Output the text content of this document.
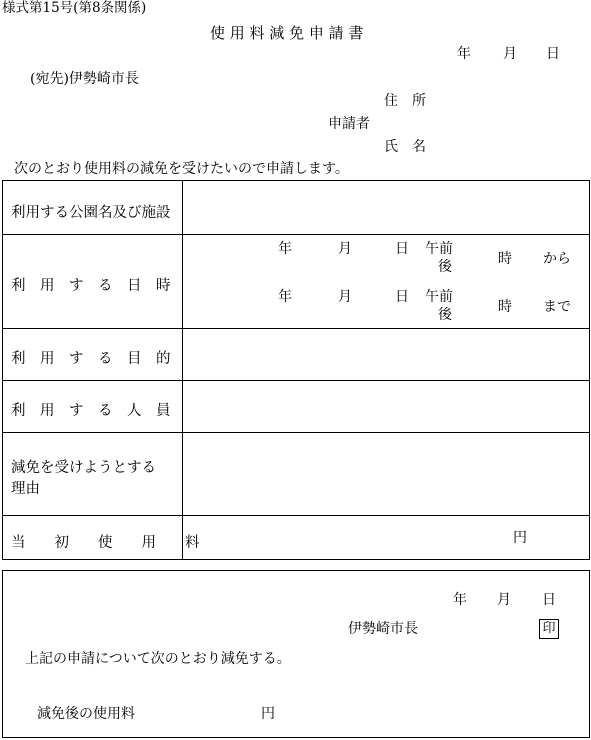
様式第15号(第8条関係)
使 用 料 減 免 申 請 書
年 月 日
(宛先)伊勢崎市長
住　所
申請者
氏　名
次のとおり使用料の減免を受けたいので申請します。
利用する公園名及び施設
利　用　す　る　日　時
年	月	日 午前
後	時 から
年	月	日 午前
後	時 まで
利　用　す　る　目　的
利　用　す　る　人　員
減免を受けようとする
理由
当　　初　　使　　用　　料	円
年 月 日
伊勢崎市長	印
上記の申請について次のとおり減免する。
減免後の使用料	円
